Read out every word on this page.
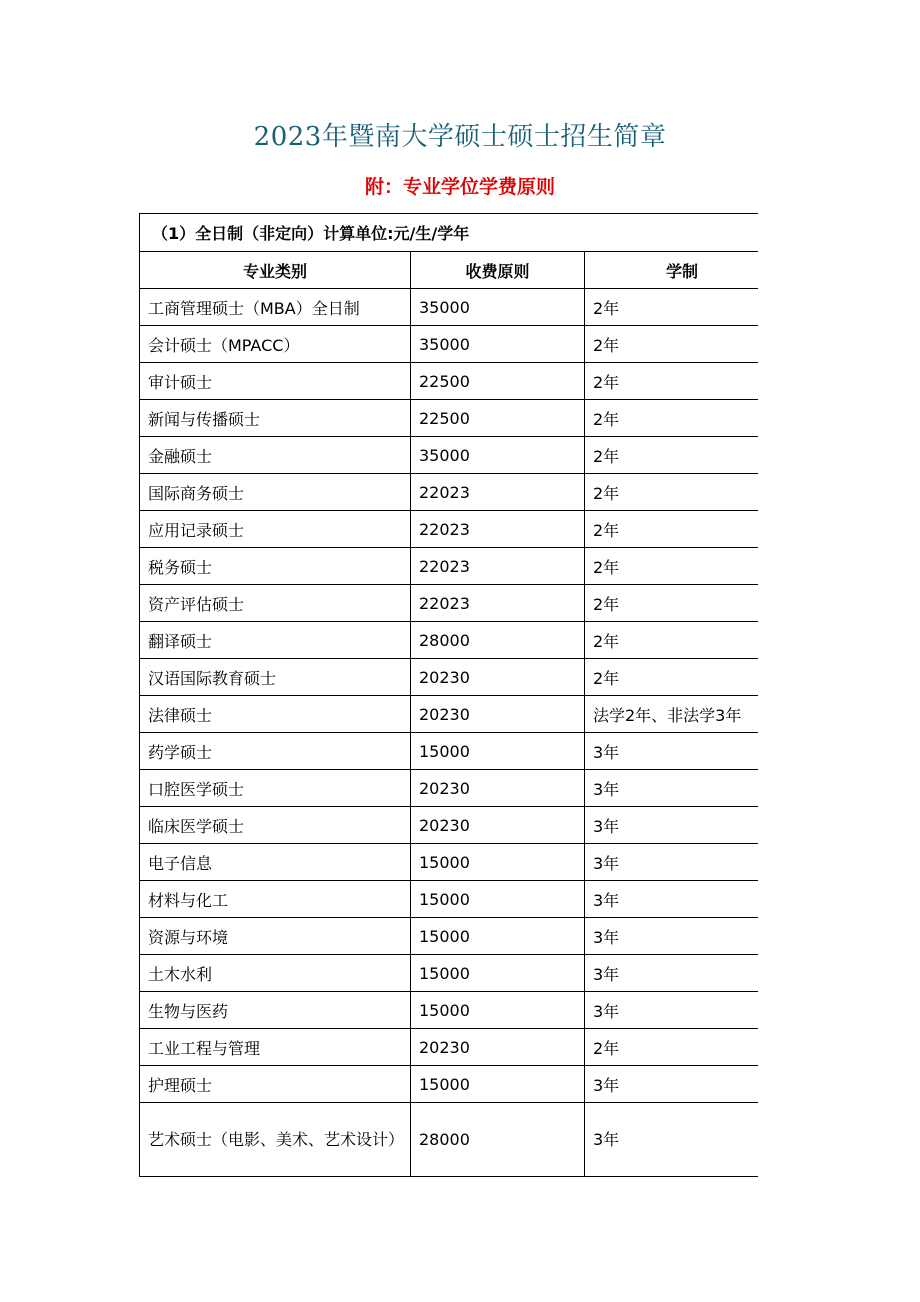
2023年暨南大学硕士硕士招生简章
附：专业学位学费原则
（1）全日制（非定向）计算单位:元/生/学年		
专业类别	收费原则	学制
工商管理硕士（MBA）全日制	35000	2年
会计硕士（MPACC）	35000	2年
审计硕士	22500	2年
新闻与传播硕士	22500	2年
金融硕士	35000	2年
国际商务硕士	22023	2年
应用记录硕士	22023	2年
税务硕士	22023	2年
资产评估硕士	22023	2年
翻译硕士	28000	2年
汉语国际教育硕士	20230	2年
法律硕士	20230	法学2年、非法学3年
药学硕士	15000	3年
口腔医学硕士	20230	3年
临床医学硕士	20230	3年
电子信息	15000	3年
材料与化工	15000	3年
资源与环境	15000	3年
土木水利	15000	3年
生物与医药	15000	3年
工业工程与管理	20230	2年
护理硕士	15000	3年
艺术硕士（电影、美术、艺术设计）	28000	3年
